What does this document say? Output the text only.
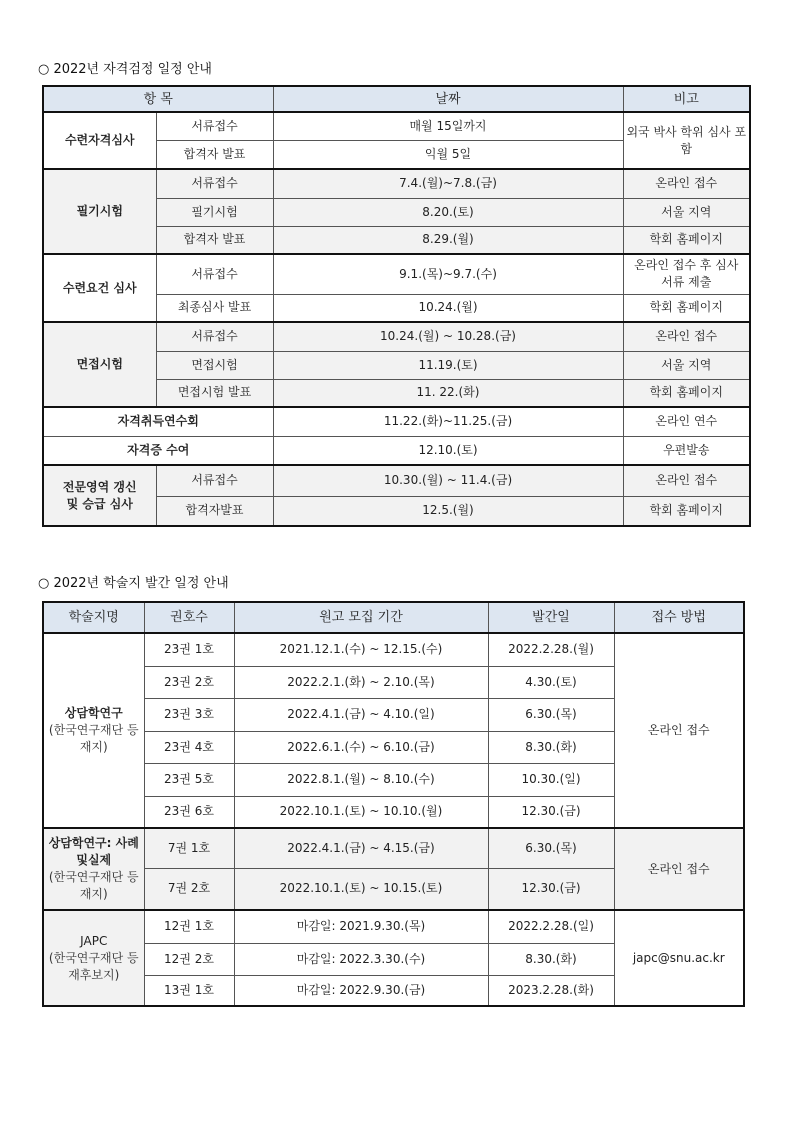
○ 2022년 자격검정 일정 안내
항 목		날짜	비고
수련자격심사	서류접수	매월 15일까지	외국 박사 학위 심사 포함
	합격자 발표	익월 5일	
필기시험	서류접수	7.4.(월)~7.8.(금)	온라인 접수
	필기시험	8.20.(토)	서울 지역
	합격자 발표	8.29.(월)	학회 홈페이지
수련요건 심사	서류접수	9.1.(목)~9.7.(수)	온라인 접수 후 심사 서류 제출
	최종심사 발표	10.24.(월)	학회 홈페이지
면접시험	서류접수	10.24.(월) ~ 10.28.(금)	온라인 접수
	면접시험	11.19.(토)	서울 지역
	면접시험 발표	11. 22.(화)	학회 홈페이지
자격취득연수회		11.22.(화)~11.25.(금)	온라인 연수
자격증 수여		12.10.(토)	우편발송
전문영역 갱신 및 승급 심사	서류접수	10.30.(월) ~ 11.4.(금)	온라인 접수
	합격자발표	12.5.(월)	학회 홈페이지
○ 2022년 학술지 발간 일정 안내
학술지명	권호수	원고 모집 기간	발간일	접수 방법

상담학연구
(한국연구재단 등재지)	23권 1호	2021.12.1.(수) ~ 12.15.(수)	2022.2.28.(월)	온라인 접수
	23권 2호	2022.2.1.(화) ~ 2.10.(목)	4.30.(토)	
	23권 3호	2022.4.1.(금) ~ 4.10.(일)	6.30.(목)	
	23권 4호	2022.6.1.(수) ~ 6.10.(금)	8.30.(화)	
	23권 5호	2022.8.1.(월) ~ 8.10.(수)	10.30.(일)	
	23권 6호	2022.10.1.(토) ~ 10.10.(월)	12.30.(금)	

상담학연구: 사례및실제
(한국연구재단 등재지)	7권 1호	2022.4.1.(금) ~ 4.15.(금)	6.30.(목)	온라인 접수
	7권 2호	2022.10.1.(토) ~ 10.15.(토)	12.30.(금)	

JAPC
(한국연구재단 등재후보지)	12권 1호	마감일: 2021.9.30.(목)	2022.2.28.(일)	japc@snu.ac.kr
	12권 2호	마감일: 2022.3.30.(수)	8.30.(화)	
	13권 1호	마감일: 2022.9.30.(금)	2023.2.28.(화)	
